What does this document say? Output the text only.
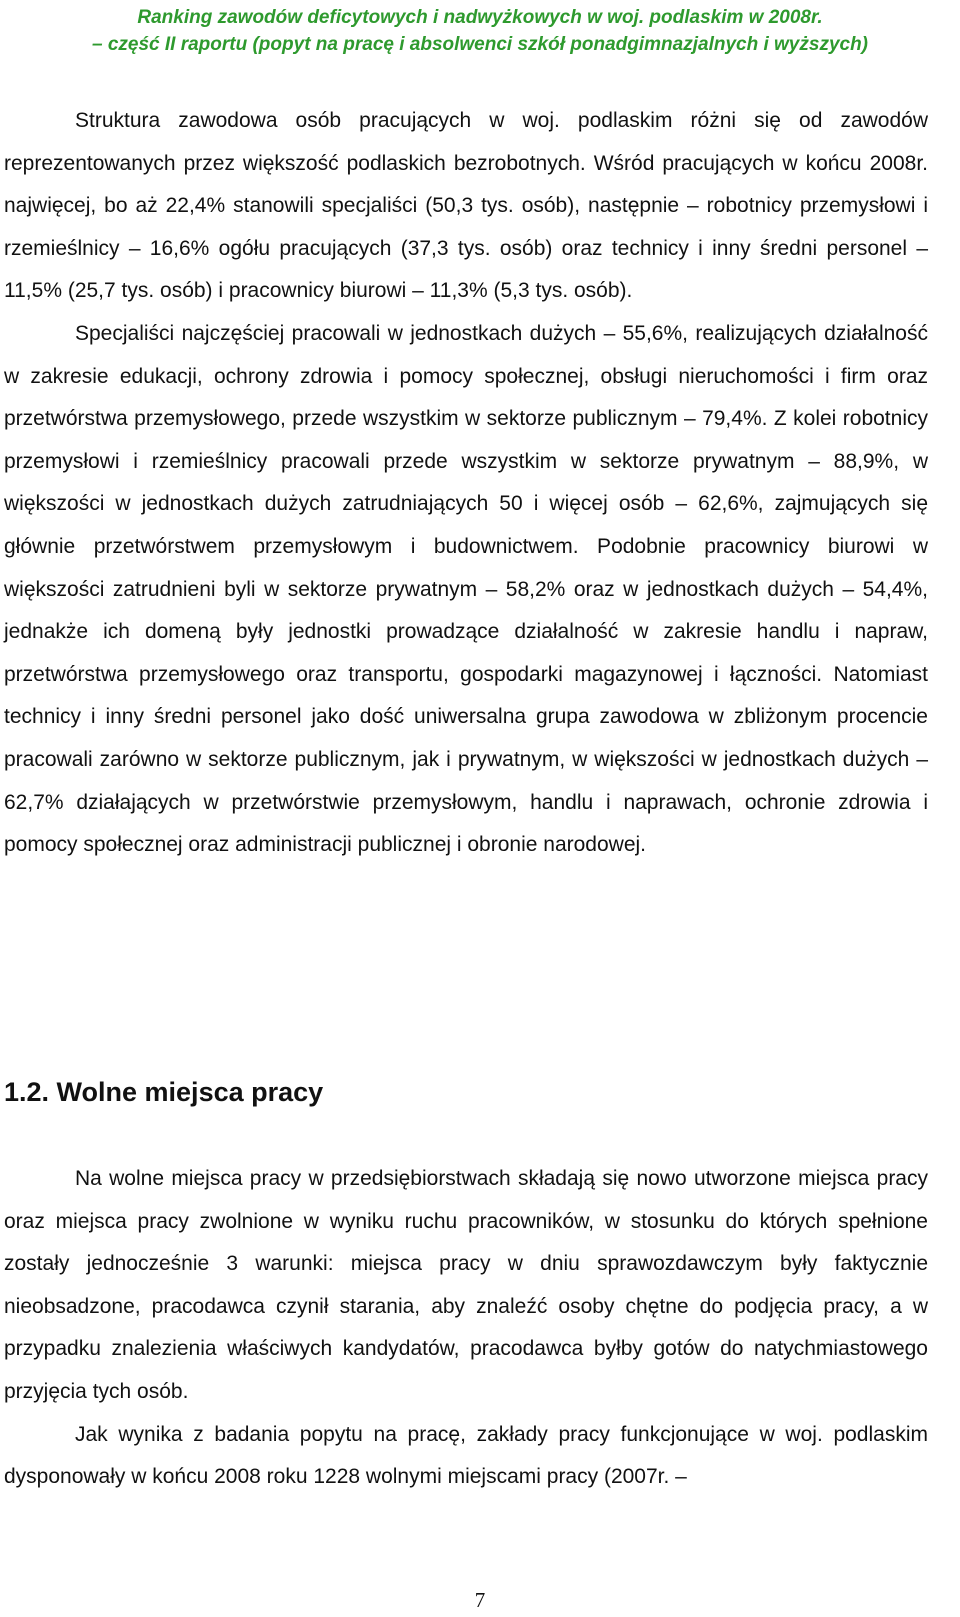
Ranking zawodów deficytowych i nadwyżkowych w woj. podlaskim w 2008r.
– część II raportu (popyt na pracę i absolwenci szkół ponadgimnazjalnych i wyższych)

Struktura zawodowa osób pracujących w woj. podlaskim różni się od zawodów reprezentowanych przez większość podlaskich bezrobotnych. Wśród pracujących w końcu 2008r. najwięcej, bo aż 22,4% stanowili specjaliści (50,3 tys. osób), następnie – robotnicy przemysłowi i rzemieślnicy – 16,6% ogółu pracujących (37,3 tys. osób) oraz technicy i inny średni personel – 11,5% (25,7 tys. osób) i pracownicy biurowi – 11,3% (5,3 tys. osób).

Specjaliści najczęściej pracowali w jednostkach dużych – 55,6%, realizujących działalność w zakresie edukacji, ochrony zdrowia i pomocy społecznej, obsługi nieruchomości i firm oraz przetwórstwa przemysłowego, przede wszystkim w sektorze publicznym – 79,4%. Z kolei robotnicy przemysłowi i rzemieślnicy pracowali przede wszystkim w sektorze prywatnym – 88,9%, w większości w jednostkach dużych zatrudniających 50 i więcej osób – 62,6%, zajmujących się głównie przetwórstwem przemysłowym i budownictwem. Podobnie pracownicy biurowi w większości zatrudnieni byli w sektorze prywatnym – 58,2% oraz w jednostkach dużych – 54,4%, jednakże ich domeną były jednostki prowadzące działalność w zakresie handlu i napraw, przetwórstwa przemysłowego oraz transportu, gospodarki magazynowej i łączności. Natomiast technicy i inny średni personel jako dość uniwersalna grupa zawodowa w zbliżonym procencie pracowali zarówno w sektorze publicznym, jak i prywatnym, w większości w jednostkach dużych – 62,7% działających w przetwórstwie przemysłowym, handlu i naprawach, ochronie zdrowia i pomocy społecznej oraz administracji publicznej i obronie narodowej.

1.2. Wolne miejsca pracy

Na wolne miejsca pracy w przedsiębiorstwach składają się nowo utworzone miejsca pracy oraz miejsca pracy zwolnione w wyniku ruchu pracowników, w stosunku do których spełnione zostały jednocześnie 3 warunki: miejsca pracy w dniu sprawozdawczym były faktycznie nieobsadzone, pracodawca czynił starania, aby znaleźć osoby chętne do podjęcia pracy, a w przypadku znalezienia właściwych kandydatów, pracodawca byłby gotów do natychmiastowego przyjęcia tych osób.

Jak wynika z badania popytu na pracę, zakłady pracy funkcjonujące w woj. podlaskim dysponowały w końcu 2008 roku 1228 wolnymi miejscami pracy (2007r. –

7
